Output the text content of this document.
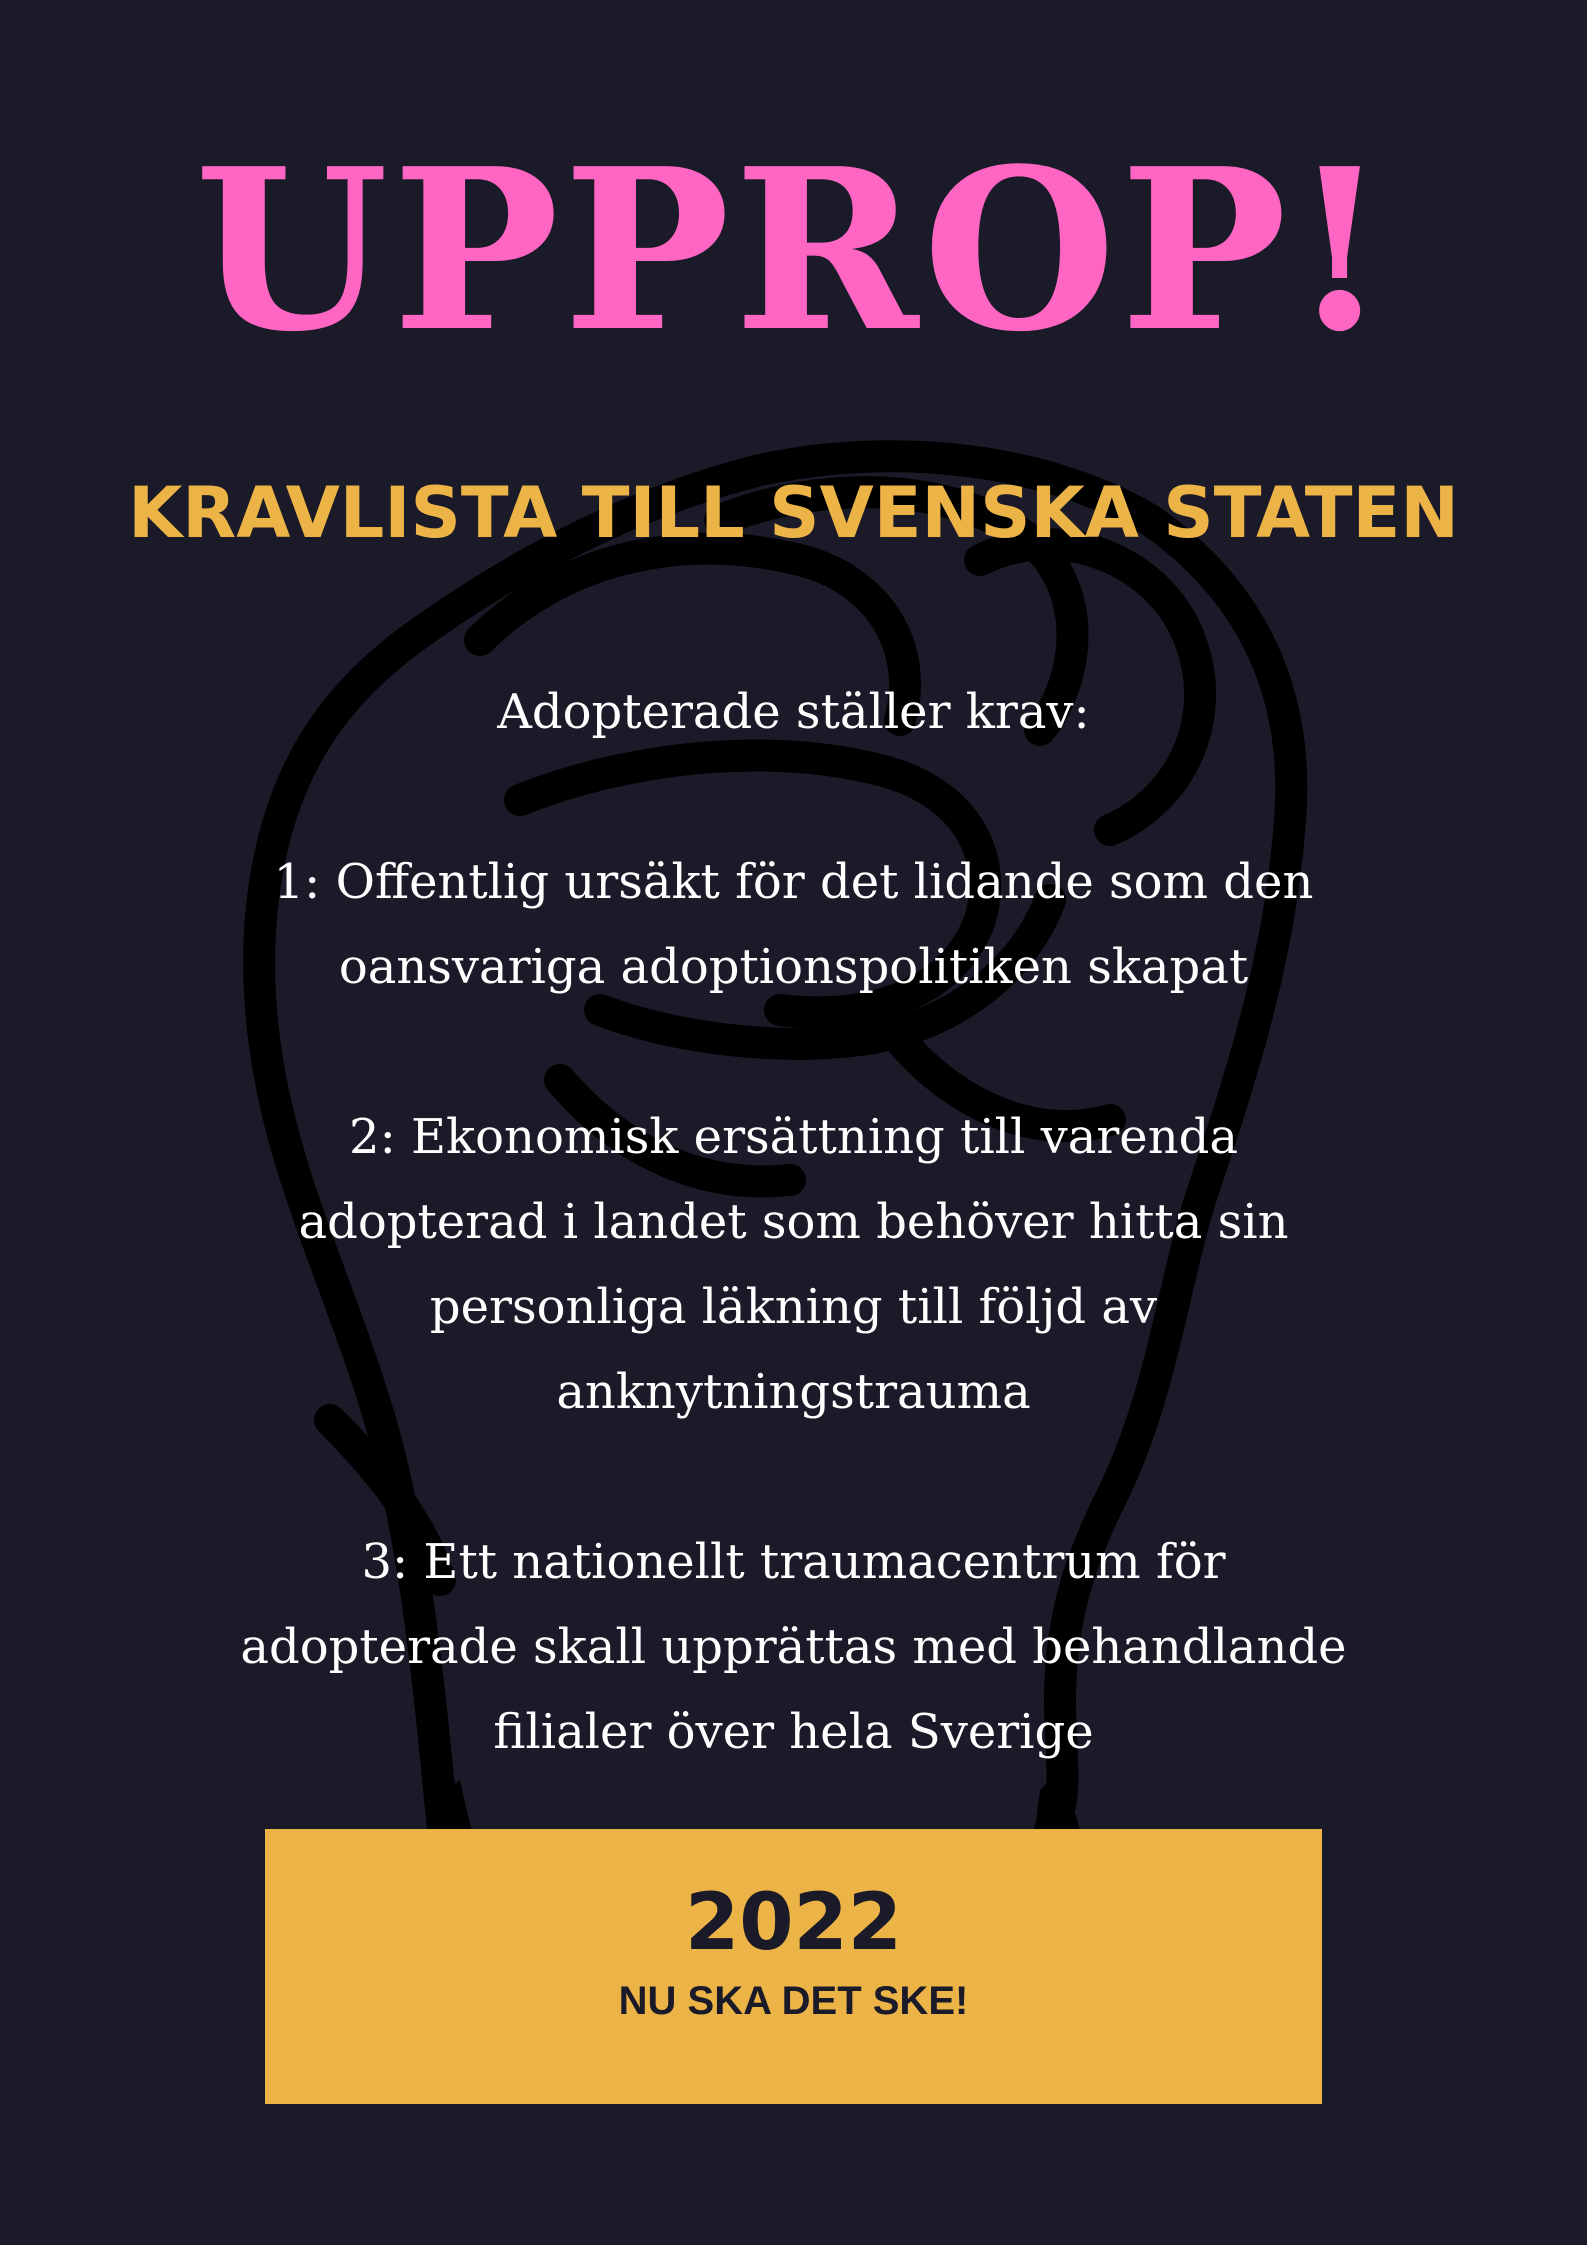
UPPROP!
KRAVLISTA TILL SVENSKA STATEN

Adopterade ställer krav:

1: Offentlig ursäkt för det lidande som den
oansvariga adoptionspolitiken skapat

2: Ekonomisk ersättning till varenda
adopterad i landet som behöver hitta sin
personliga läkning till följd av
anknytningstrauma

3: Ett nationellt traumacentrum för
adopterade skall upprättas med behandlande
filialer över hela Sverige

2022
NU SKA DET SKE!
